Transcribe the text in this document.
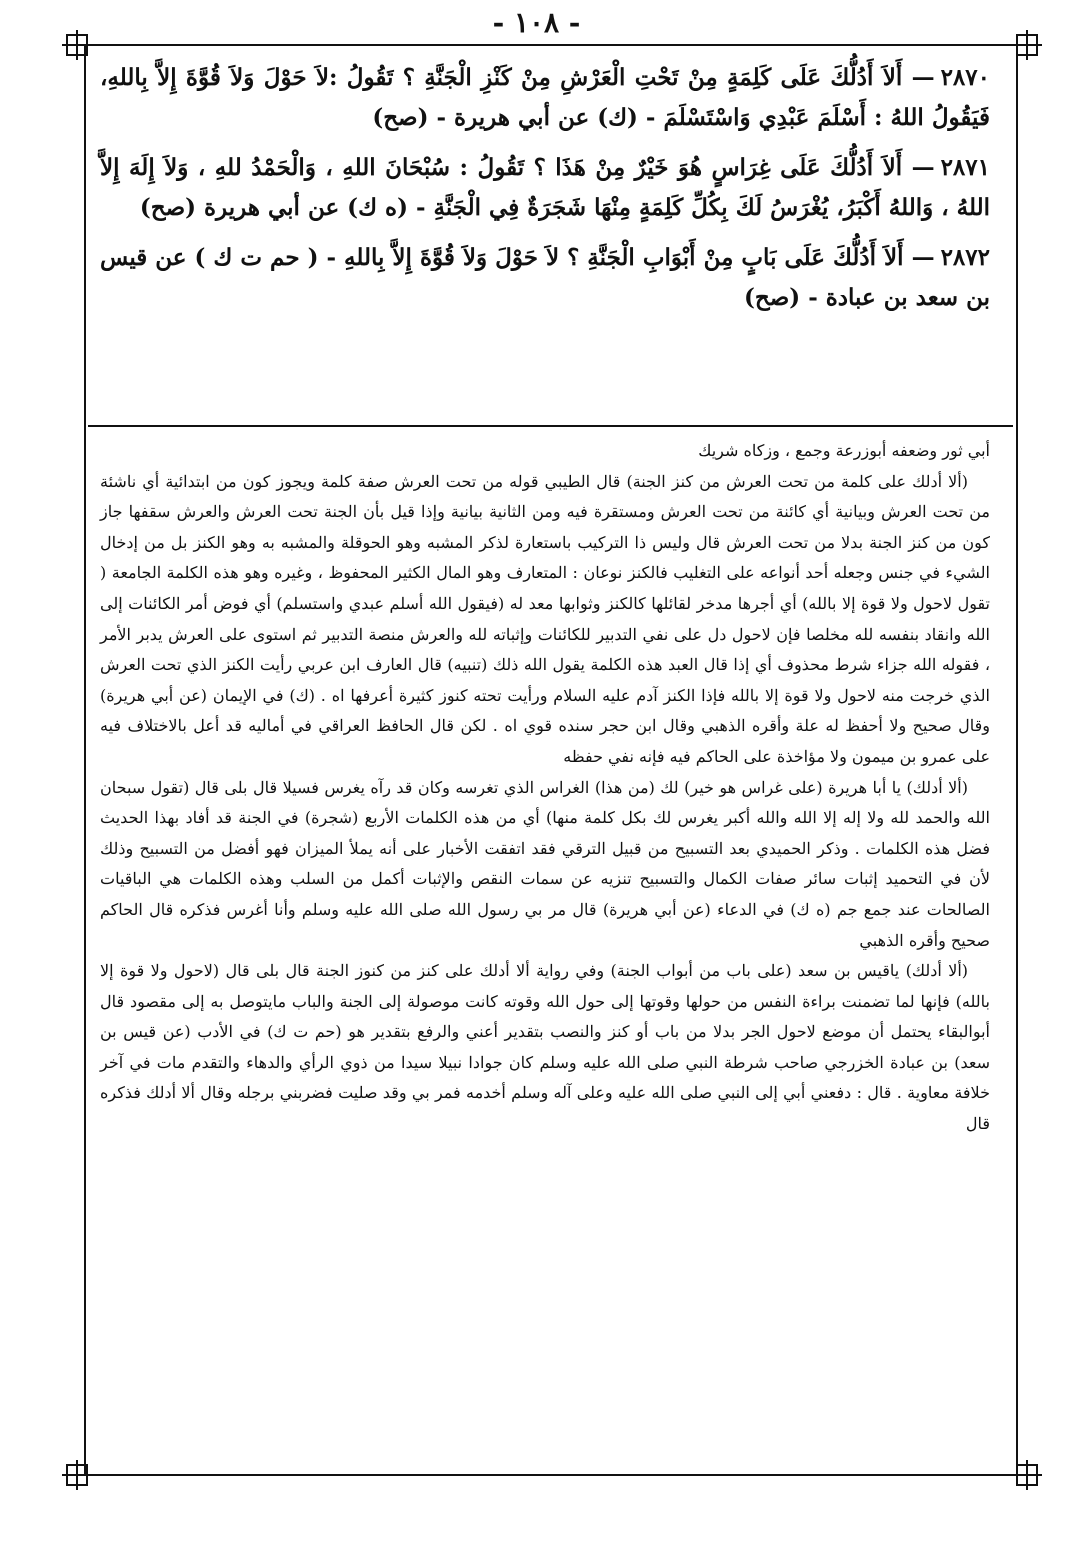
- ١٠٨ -
٢٨٧٠— أَلاَ أَدُلُّكَ عَلَى كَلِمَةٍ مِنْ تَحْتِ الْعَرْشِ مِنْ كَنْزِ الْجَنَّةِ ؟ تَقُولُ :لاَ حَوْلَ وَلاَ قُوَّةَ إِلاَّ بِاللهِ، فَيَقُولُ اللهُ : أَسْلَمَ عَبْدِي وَاسْتَسْلَمَ - (ك) عن أبي هريرة - (صح)
٢٨٧١— أَلاَ أَدُلُّكَ عَلَى غِرَاسٍ هُوَ خَيْرٌ مِنْ هَذَا ؟ تَقُولُ : سُبْحَانَ اللهِ ، وَالْحَمْدُ للهِ ، وَلاَ إِلَهَ إِلاَّ اللهُ ، وَاللهُ أَكْبَرُ، يُغْرَسُ لَكَ بِكُلِّ كَلِمَةٍ مِنْهَا شَجَرَةٌ فِي الْجَنَّةِ - (ه ك) عن أبي هريرة (صح)
٢٨٧٢— أَلاَ أَدُلُّكَ عَلَى بَابٍ مِنْ أَبْوَابِ الْجَنَّةِ ؟ لاَ حَوْلَ وَلاَ قُوَّةَ إِلاَّ بِاللهِ - ( حم ت ك ) عن قيس بن سعد بن عبادة - (صح)

أبي ثور وضعفه أبوزرعة وجمع ، وزكاه شريك

(ألا أدلك على كلمة من تحت العرش من كنز الجنة) قال الطيبي قوله من تحت العرش صفة كلمة ويجوز كون من ابتدائية أي ناشئة من تحت العرش وبيانية أي كائنة من تحت العرش ومستقرة فيه ومن الثانية بيانية وإذا قيل بأن الجنة تحت العرش والعرش سقفها جاز كون من كنز الجنة بدلا من تحت العرش قال وليس ذا التركيب باستعارة لذكر المشبه وهو الحوقلة والمشبه به وهو الكنز بل من إدخال الشيء في جنس وجعله أحد أنواعه على التغليب فالكنز نوعان : المتعارف وهو المال الكثير المحفوظ ، وغيره وهو هذه الكلمة الجامعة ( تقول لاحول ولا قوة إلا بالله) أي أجرها مدخر لقائلها كالكنز وثوابها معد له (فيقول الله أسلم عبدي واستسلم) أي فوض أمر الكائنات إلى الله وانقاد بنفسه لله مخلصا فإن لاحول دل على نفي التدبير للكائنات وإثباته لله والعرش منصة التدبير ثم استوى على العرش يدبر الأمر ، فقوله الله جزاء شرط محذوف أي إذا قال العبد هذه الكلمة يقول الله ذلك (تنبيه) قال العارف ابن عربي رأيت الكنز الذي تحت العرش الذي خرجت منه لاحول ولا قوة إلا بالله فإذا الكنز آدم عليه السلام ورأيت تحته كنوز كثيرة أعرفها اه . (ك) في الإيمان (عن أبي هريرة) وقال صحيح ولا أحفظ له علة وأقره الذهبي وقال ابن حجر سنده قوي اه . لكن قال الحافظ العراقي في أماليه قد أعل بالاختلاف فيه على عمرو بن ميمون ولا مؤاخذة على الحاكم فيه فإنه نفي حفظه

(ألا أدلك) يا أبا هريرة (على غراس هو خير) لك (من هذا) الغراس الذي تغرسه وكان قد رآه يغرس فسيلا قال بلى قال (تقول سبحان الله والحمد لله ولا إله إلا الله والله أكبر يغرس لك بكل كلمة منها) أي من هذه الكلمات الأربع (شجرة) في الجنة قد أفاد بهذا الحديث فضل هذه الكلمات . وذكر الحميدي بعد التسبيح من قبيل الترقي فقد اتفقت الأخبار على أنه يملأ الميزان فهو أفضل من التسبيح وذلك لأن في التحميد إثبات سائر صفات الكمال والتسبيح تنزيه عن سمات النقص والإثبات أكمل من السلب وهذه الكلمات هي الباقيات الصالحات عند جمع جم (ه ك) في الدعاء (عن أبي هريرة) قال مر بي رسول الله صلى الله عليه وسلم وأنا أغرس فذكره قال الحاكم صحيح وأقره الذهبي

(ألا أدلك) ياقيس بن سعد (على باب من أبواب الجنة) وفي رواية ألا أدلك على كنز من كنوز الجنة قال بلى قال (لاحول ولا قوة إلا بالله) فإنها لما تضمنت براءة النفس من حولها وقوتها إلى حول الله وقوته كانت موصولة إلى الجنة والباب مايتوصل به إلى مقصود قال أبوالبقاء يحتمل أن موضع لاحول الجر بدلا من باب أو كنز والنصب بتقدير أعني والرفع بتقدير هو (حم ت ك) في الأدب (عن قيس بن سعد) بن عبادة الخزرجي صاحب شرطة النبي صلى الله عليه وسلم كان جوادا نبيلا سيدا من ذوي الرأي والدهاء والتقدم مات في آخر خلافة معاوية . قال : دفعني أبي إلى النبي صلى الله عليه وعلى آله وسلم أخدمه فمر بي وقد صليت فضربني برجله وقال ألا أدلك فذكره قال
